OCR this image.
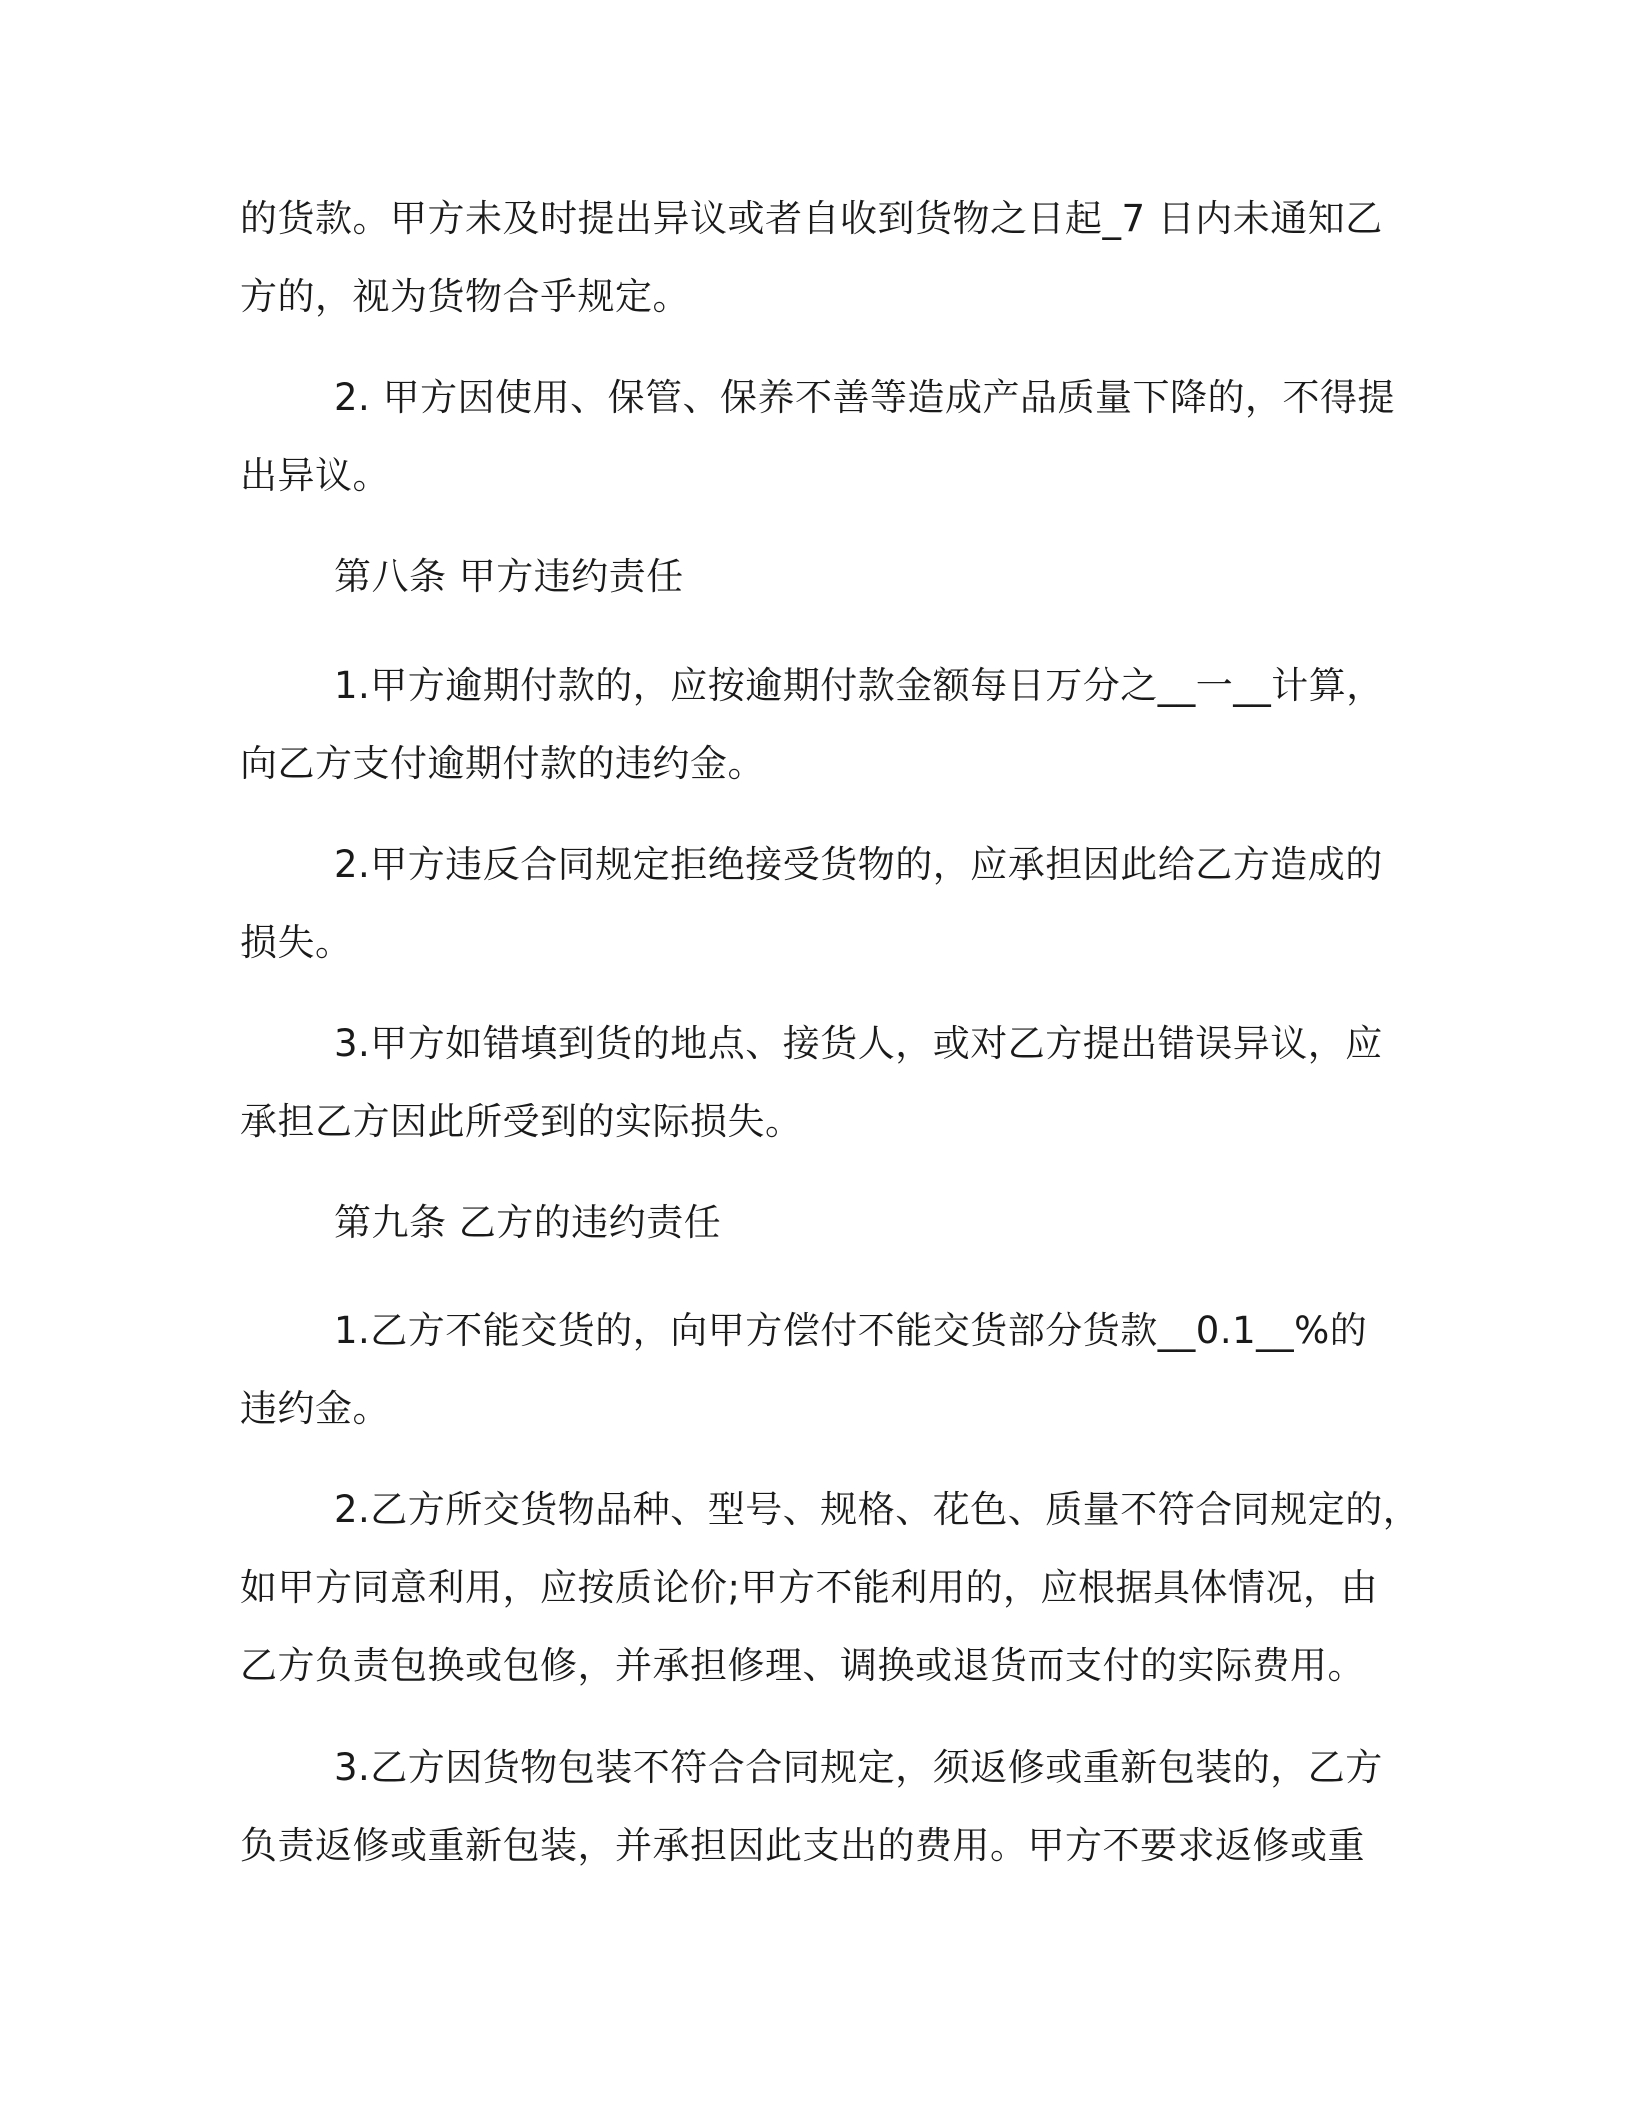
的货款。甲方未及时提出异议或者自收到货物之日起_7 日内未通知乙
方的，视为货物合乎规定。

2. 甲方因使用、保管、保养不善等造成产品质量下降的，不得提
出异议。

第八条 甲方违约责任

1.甲方逾期付款的，应按逾期付款金额每日万分之__一__计算，
向乙方支付逾期付款的违约金。

2.甲方违反合同规定拒绝接受货物的，应承担因此给乙方造成的
损失。

3.甲方如错填到货的地点、接货人，或对乙方提出错误异议，应
承担乙方因此所受到的实际损失。

第九条 乙方的违约责任

1.乙方不能交货的，向甲方偿付不能交货部分货款__0.1__%的
违约金。

2.乙方所交货物品种、型号、规格、花色、质量不符合同规定的，
如甲方同意利用，应按质论价;甲方不能利用的，应根据具体情况，由
乙方负责包换或包修，并承担修理、调换或退货而支付的实际费用。

3.乙方因货物包装不符合合同规定，须返修或重新包装的，乙方
负责返修或重新包装，并承担因此支出的费用。甲方不要求返修或重
